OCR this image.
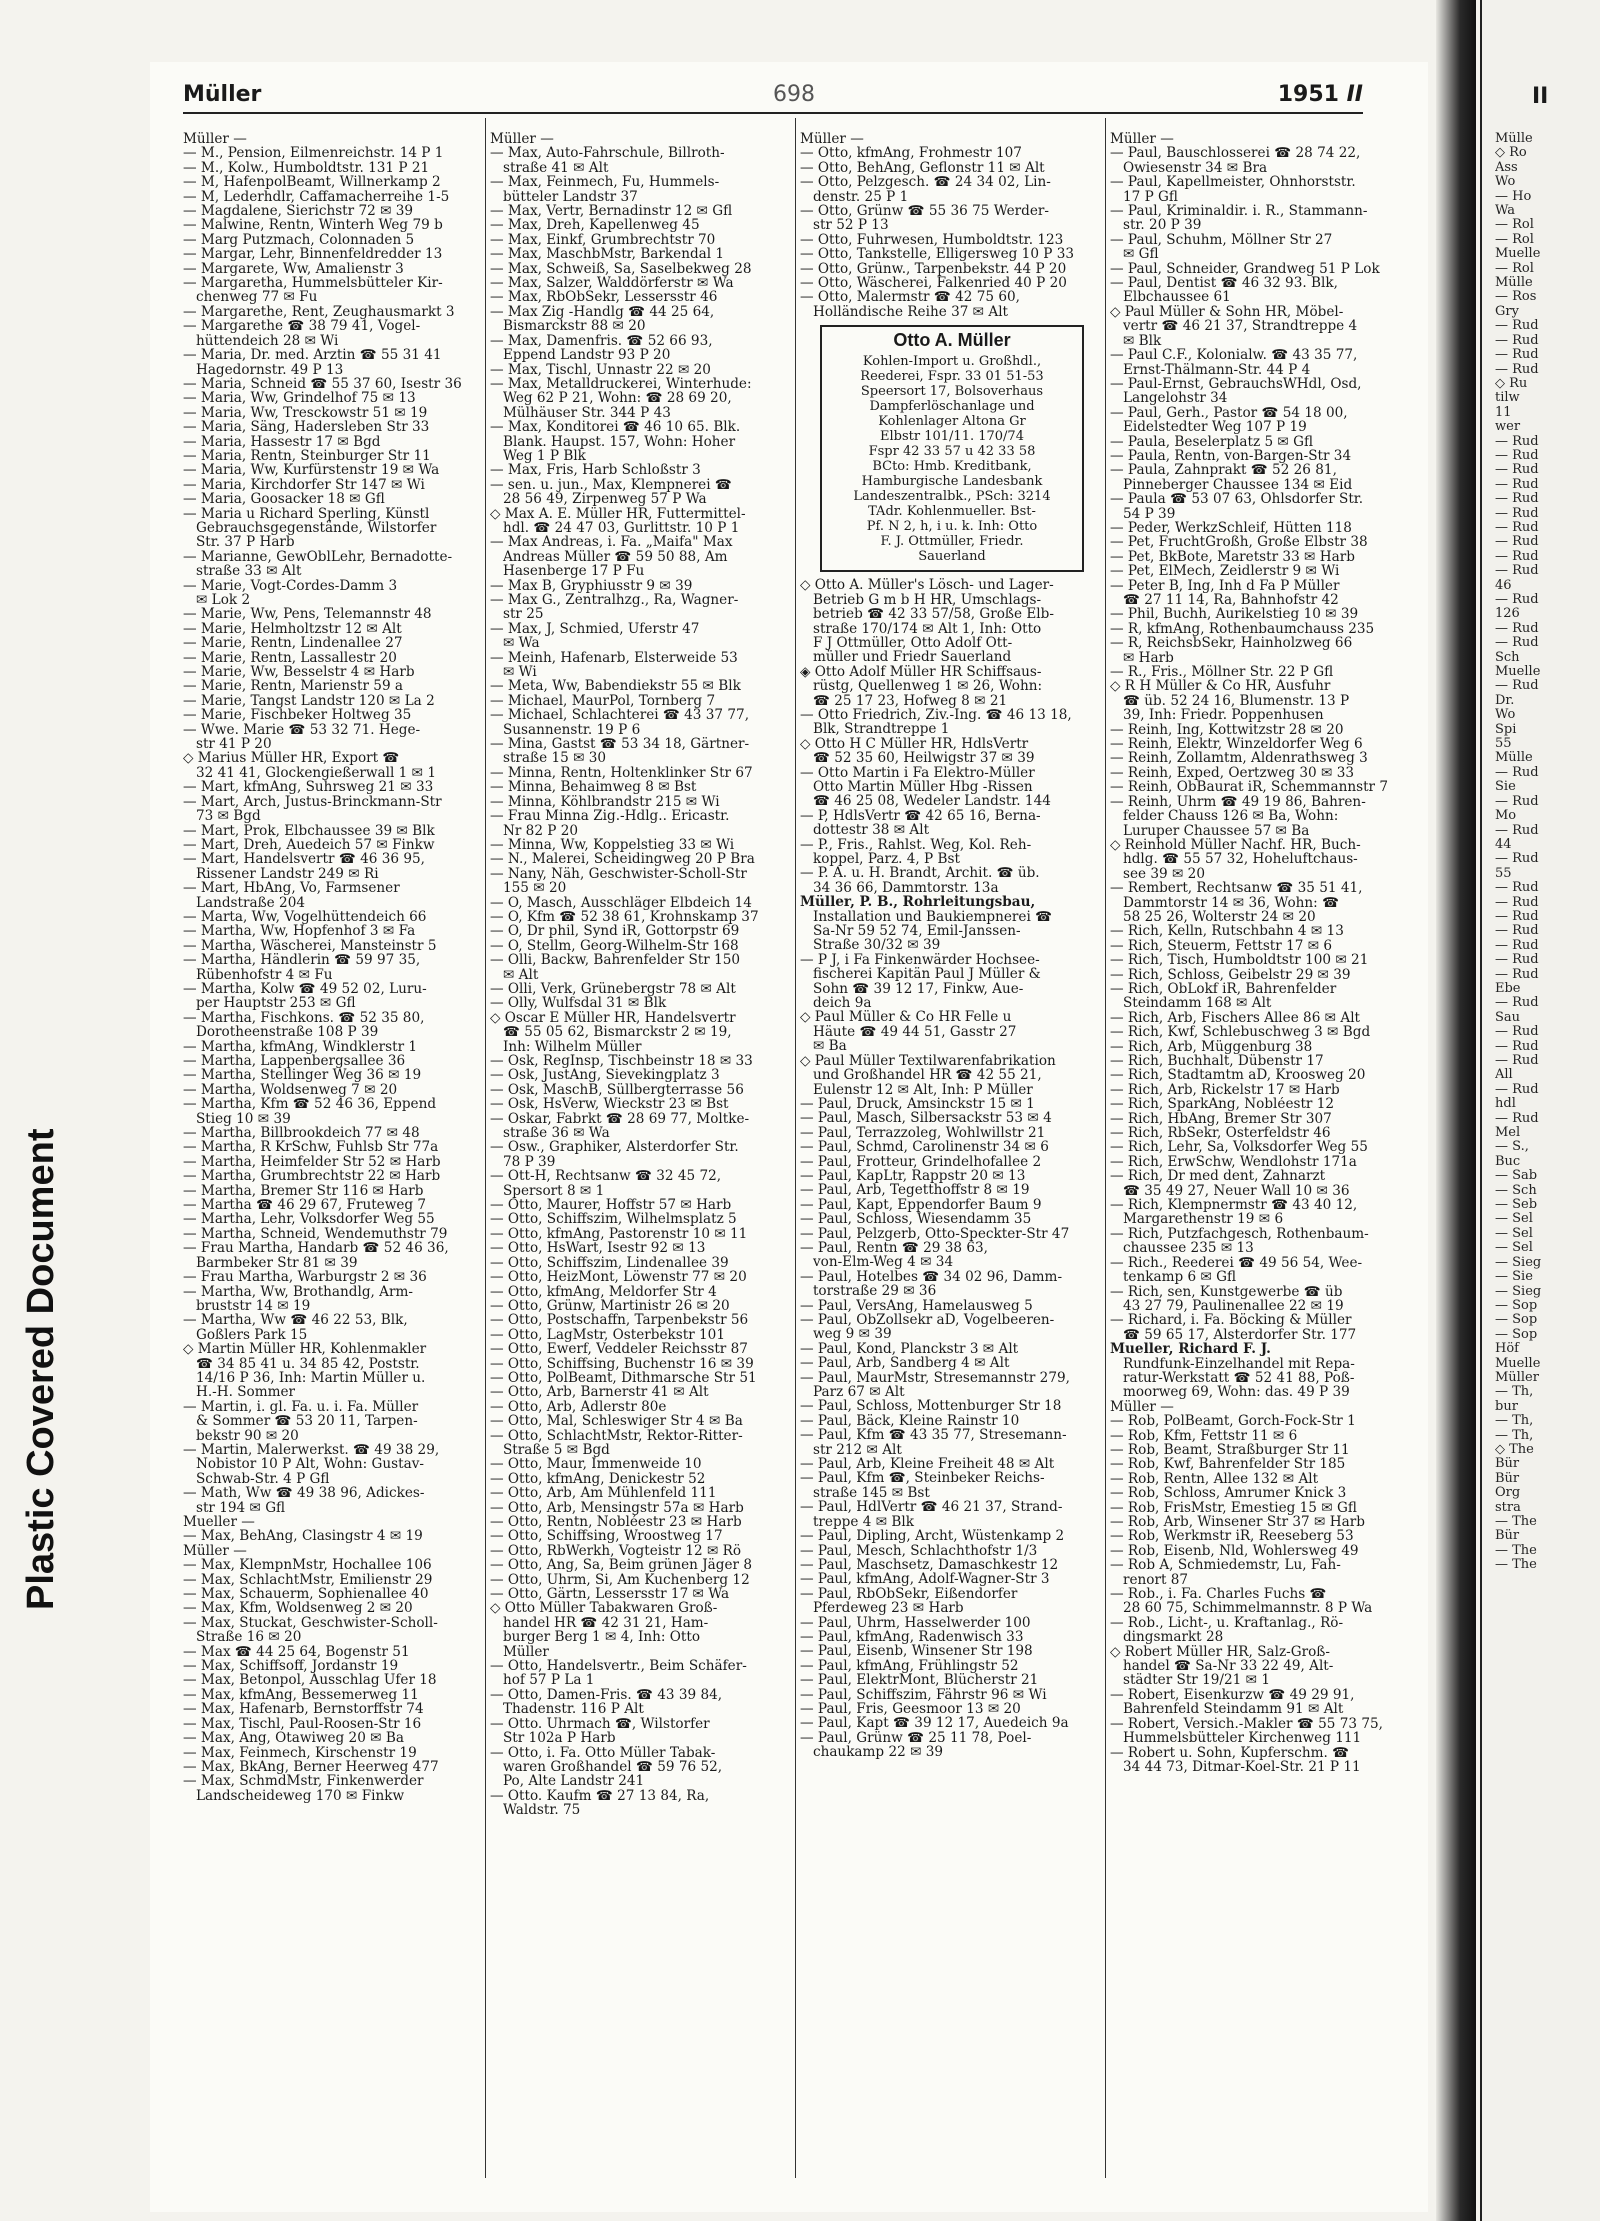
II
Mülle
◇ Ro
Ass
Wo
— Ho
Wa
— Rol
— Rol
Muelle
— Rol
Mülle
— Ros
Gry
— Rud
— Rud
— Rud
— Rud
◇ Ru
tilw
11
wer
— Rud
— Rud
— Rud
— Rud
— Rud
— Rud
— Rud
— Rud
— Rud
— Rud
46
— Rud
126
— Rud
— Rud
Sch
Muelle
— Rud
Dr.
Wo
Spi
55
Mülle
— Rud
Sie
— Rud
Mo
— Rud
44
— Rud
55
— Rud
— Rud
— Rud
— Rud
— Rud
— Rud
— Rud
Ebe
— Rud
Sau
— Rud
— Rud
— Rud
All
— Rud
hdl
— Rud
Mel
— S.,
Buc
— Sab
— Sch
— Seb
— Sel
— Sel
— Sel
— Sieg
— Sie
— Sieg
— Sop
— Sop
— Sop
Höf
Muelle
Müller
— Th,
bur
— Th,
— Th,
◇ The
Bür
Bür
Org
stra
— The
Bür
— The
— The
Plastic Covered Document
Müller	698	1951 II
Müller —
— M., Pension, Eilmenreichstr. 14 P 1
— M., Kolw., Humboldtstr. 131 P 21
— M, HafenpolBeamt, Willnerkamp 2
— M, Lederhdlr, Caffamacherreihe 1-5
— Magdalene, Sierichstr 72 ✉ 39
— Malwine, Rentn, Winterh Weg 79 b
— Marg Putzmach, Colonnaden 5
— Margar, Lehr, Binnenfeldredder 13
— Margarete, Ww, Amalienstr 3
— Margaretha, Hummelsbütteler Kir-
chenweg 77 ✉ Fu
— Margarethe, Rent, Zeughausmarkt 3
— Margarethe ☎ 38 79 41, Vogel-
hüttendeich 28 ✉ Wi
— Maria, Dr. med. Ärztin ☎ 55 31 41
Hagedornstr. 49 P 13
— Maria, Schneid ☎ 55 37 60, Isestr 36
— Maria, Ww, Grindelhof 75 ✉ 13
— Maria, Ww, Tresckowstr 51 ✉ 19
— Maria, Säng, Hadersleben Str 33
— Maria, Hassestr 17 ✉ Bgd
— Maria, Rentn, Steinburger Str 11
— Maria, Ww, Kurfürstenstr 19 ✉ Wa
— Maria, Kirchdorfer Str 147 ✉ Wi
— Maria, Goosacker 18 ✉ Gfl
— Maria u Richard Sperling, Künstl
Gebrauchsgegenstände, Wilstorfer
Str. 37 P Harb
— Marianne, GewOblLehr, Bernadotte-
straße 33 ✉ Alt
— Marie, Vogt-Cordes-Damm 3
✉ Lok 2
— Marie, Ww, Pens, Telemannstr 48
— Marie, Helmholtzstr 12 ✉ Alt
— Marie, Rentn, Lindenallee 27
— Marie, Rentn, Lassallestr 20
— Marie, Ww, Besselstr 4 ✉ Harb
— Marie, Rentn, Marienstr 59 a
— Marie, Tangst Landstr 120 ✉ La 2
— Marie, Fischbeker Holtweg 35
— Wwe. Marie ☎ 53 32 71. Hege-
str 41 P 20
◇ Marius Müller HR, Export ☎
32 41 41, Glockengießerwall 1 ✉ 1
— Mart, kfmAng, Suhrsweg 21 ✉ 33
— Mart, Arch, Justus-Brinckmann-Str
73 ✉ Bgd
— Mart, Prok, Elbchaussee 39 ✉ Blk
— Mart, Dreh, Auedeich 57 ✉ Finkw
— Mart, Handelsvertr ☎ 46 36 95,
Rissener Landstr 249 ✉ Ri
— Mart, HbAng, Vo, Farmsener
Landstraße 204
— Marta, Ww, Vogelhüttendeich 66
— Martha, Ww, Hopfenhof 3 ✉ Fa
— Martha, Wäscherei, Mansteinstr 5
— Martha, Händlerin ☎ 59 97 35,
Rübenhofstr 4 ✉ Fu
— Martha, Kolw ☎ 49 52 02, Luru-
per Hauptstr 253 ✉ Gfl
— Martha, Fischkons. ☎ 52 35 80,
Dorotheenstraße 108 P 39
— Martha, kfmAng, Windklerstr 1
— Martha, Lappenbergsallee 36
— Martha, Stellinger Weg 36 ✉ 19
— Martha, Woldsenweg 7 ✉ 20
— Martha, Kfm ☎ 52 46 36, Eppend
Stieg 10 ✉ 39
— Martha, Billbrookdeich 77 ✉ 48
— Martha, R KrSchw, Fuhlsb Str 77a
— Martha, Heimfelder Str 52 ✉ Harb
— Martha, Grumbrechtstr 22 ✉ Harb
— Martha, Bremer Str 116 ✉ Harb
— Martha ☎ 46 29 67, Fruteweg 7
— Martha, Lehr, Volksdorfer Weg 55
— Martha, Schneid, Wendemuthstr 79
— Frau Martha, Handarb ☎ 52 46 36,
Barmbeker Str 81 ✉ 39
— Frau Martha, Warburgstr 2 ✉ 36
— Martha, Ww, Brothandlg, Arm-
bruststr 14 ✉ 19
— Martha, Ww ☎ 46 22 53, Blk,
Goßlers Park 15
◇ Martin Müller HR, Kohlenmakler
☎ 34 85 41 u. 34 85 42, Poststr.
14/16 P 36, Inh: Martin Müller u.
H.-H. Sommer
— Martin, i. gl. Fa. u. i. Fa. Müller
& Sommer ☎ 53 20 11, Tarpen-
bekstr 90 ✉ 20
— Martin, Malerwerkst. ☎ 49 38 29,
Nobistor 10 P Alt, Wohn: Gustav-
Schwab-Str. 4 P Gfl
— Math, Ww ☎ 49 38 96, Adickes-
str 194 ✉ Gfl
Mueller —
— Max, BehAng, Clasingstr 4 ✉ 19
Müller —
— Max, KlempnMstr, Hochallee 106
— Max, SchlachtMstr, Emilienstr 29
— Max, Schauerm, Sophienallee 40
— Max, Kfm, Woldsenweg 2 ✉ 20
— Max, Stuckat, Geschwister-Scholl-
Straße 16 ✉ 20
— Max ☎ 44 25 64, Bogenstr 51
— Max, Schiffsoff, Jordanstr 19
— Max, Betonpol, Ausschlag Ufer 18
— Max, kfmAng, Bessemerweg 11
— Max, Hafenarb, Bernstorffstr 74
— Max, Tischl, Paul-Roosen-Str 16
— Max, Ang, Otawiweg 20 ✉ Ba
— Max, Feinmech, Kirschenstr 19
— Max, BkAng, Berner Heerweg 477
— Max, SchmdMstr, Finkenwerder
Landscheideweg 170 ✉ Finkw
Müller —
— Max, Auto-Fahrschule, Billroth-
straße 41 ✉ Alt
— Max, Feinmech, Fu, Hummels-
bütteler Landstr 37
— Max, Vertr, Bernadinstr 12 ✉ Gfl
— Max, Dreh, Kapellenweg 45
— Max, Einkf, Grumbrechtstr 70
— Max, MaschbMstr, Barkendal 1
— Max, Schweiß, Sa, Saselbekweg 28
— Max, Salzer, Walddörferstr ✉ Wa
— Max, RbObSekr, Lessersstr 46
— Max Zig -Handlg ☎ 44 25 64,
Bismarckstr 88 ✉ 20
— Max, Damenfris. ☎ 52 66 93,
Eppend Landstr 93 P 20
— Max, Tischl, Unnastr 22 ✉ 20
— Max, Metalldruckerei, Winterhude:
Weg 62 P 21, Wohn: ☎ 28 69 20,
Mülhäuser Str. 344 P 43
— Max, Konditorei ☎ 46 10 65. Blk.
Blank. Haupst. 157, Wohn: Hoher
Weg 1 P Blk
— Max, Fris, Harb Schloßstr 3
— sen. u. jun., Max, Klempnerei ☎
28 56 49, Zirpenweg 57 P Wa
◇ Max A. E. Müller HR, Futtermittel-
hdl. ☎ 24 47 03, Gurlittstr. 10 P 1
— Max Andreas, i. Fa. „Maifa" Max
Andreas Müller ☎ 59 50 88, Am
Hasenberge 17 P Fu
— Max B, Gryphiusstr 9 ✉ 39
— Max G., Zentralhzg., Ra, Wagner-
str 25
— Max, J, Schmied, Uferstr 47
✉ Wa
— Meinh, Hafenarb, Elsterweide 53
✉ Wi
— Meta, Ww, Babendiekstr 55 ✉ Blk
— Michael, MaurPol, Tornberg 7
— Michael, Schlachterei ☎ 43 37 77,
Susannenstr. 19 P 6
— Mina, Gastst ☎ 53 34 18, Gärtner-
straße 15 ✉ 30
— Minna, Rentn, Holtenklinker Str 67
— Minna, Behaimweg 8 ✉ Bst
— Minna, Köhlbrandstr 215 ✉ Wi
— Frau Minna Zig.-Hdlg.. Ericastr.
Nr 82 P 20
— Minna, Ww, Koppelstieg 33 ✉ Wi
— N., Malerei, Scheidingweg 20 P Bra
— Nany, Näh, Geschwister-Scholl-Str
155 ✉ 20
— O, Masch, Ausschläger Elbdeich 14
— O, Kfm ☎ 52 38 61, Krohnskamp 37
— O, Dr phil, Synd iR, Gottorpstr 69
— O, Stellm, Georg-Wilhelm-Str 168
— Olli, Backw, Bahrenfelder Str 150
✉ Alt
— Olli, Verk, Grünebergstr 78 ✉ Alt
— Olly, Wulfsdal 31 ✉ Blk
◇ Oscar E Müller HR, Handelsvertr
☎ 55 05 62, Bismarckstr 2 ✉ 19,
Inh: Wilhelm Müller
— Osk, RegInsp, Tischbeinstr 18 ✉ 33
— Osk, JustAng, Sievekingplatz 3
— Osk, MaschB, Süllbergterrasse 56
— Osk, HsVerw, Wieckstr 23 ✉ Bst
— Oskar, Fabrkt ☎ 28 69 77, Moltke-
straße 36 ✉ Wa
— Osw., Graphiker, Alsterdorfer Str.
78 P 39
— Ott-H, Rechtsanw ☎ 32 45 72,
Spersort 8 ✉ 1
— Otto, Maurer, Hoffstr 57 ✉ Harb
— Otto, Schiffszim, Wilhelmsplatz 5
— Otto, kfmAng, Pastorenstr 10 ✉ 11
— Otto, HsWart, Isestr 92 ✉ 13
— Otto, Schiffszim, Lindenallee 39
— Otto, HeizMont, Löwenstr 77 ✉ 20
— Otto, kfmAng, Meldorfer Str 4
— Otto, Grünw, Martinistr 26 ✉ 20
— Otto, Postschaffn, Tarpenbekstr 56
— Otto, LagMstr, Osterbekstr 101
— Otto, Ewerf, Veddeler Reichsstr 87
— Otto, Schiffsing, Buchenstr 16 ✉ 39
— Otto, PolBeamt, Dithmarsche Str 51
— Otto, Arb, Barnerstr 41 ✉ Alt
— Otto, Arb, Adlerstr 80e
— Otto, Mal, Schleswiger Str 4 ✉ Ba
— Otto, SchlachtMstr, Rektor-Ritter-
Straße 5 ✉ Bgd
— Otto, Maur, Immenweide 10
— Otto, kfmAng, Denickestr 52
— Otto, Arb, Am Mühlenfeld 111
— Otto, Arb, Mensingstr 57a ✉ Harb
— Otto, Rentn, Nobléestr 23 ✉ Harb
— Otto, Schiffsing, Wroostweg 17
— Otto, RbWerkh, Vogteistr 12 ✉ Rö
— Otto, Ang, Sa, Beim grünen Jäger 8
— Otto, Uhrm, Si, Am Kuchenberg 12
— Otto, Gärtn, Lessersstr 17 ✉ Wa
◇ Otto Müller Tabakwaren Groß-
handel HR ☎ 42 31 21, Ham-
burger Berg 1 ✉ 4, Inh: Otto
Müller
— Otto, Handelsvertr., Beim Schäfer-
hof 57 P La 1
— Otto, Damen-Fris. ☎ 43 39 84,
Thadenstr. 116 P Alt
— Otto. Uhrmach ☎, Wilstorfer
Str 102a P Harb
— Otto, i. Fa. Otto Müller Tabak-
waren Großhandel ☎ 59 76 52,
Po, Alte Landstr 241
— Otto. Kaufm ☎ 27 13 84, Ra,
Waldstr. 75
Müller —
— Otto, kfmAng, Frohmestr 107
— Otto, BehAng, Geflonstr 11 ✉ Alt
— Otto, Pelzgesch. ☎ 24 34 02, Lin-
denstr. 25 P 1
— Otto, Grünw ☎ 55 36 75 Werder-
str 52 P 13
— Otto, Fuhrwesen, Humboldtstr. 123
— Otto, Tankstelle, Elligersweg 10 P 33
— Otto, Grünw., Tarpenbekstr. 44 P 20
— Otto, Wäscherei, Falkenried 40 P 20
— Otto, Malermstr ☎ 42 75 60,
Holländische Reihe 37 ✉ Alt
Otto A. Müller
Kohlen-Import u. Großhdl.,
Reederei, Fspr. 33 01 51-53
Speersort 17, Bolsoverhaus
Dampferlöschanlage und
Kohlenlager Altona Gr
Elbstr 101/11. 170/74
Fspr 42 33 57 u 42 33 58
BCto: Hmb. Kreditbank,
Hamburgische Landesbank
Landeszentralbk., PSch: 3214
TAdr. Kohlenmueller. Bst-
Pf. N 2, h, i u. k. Inh: Otto
F. J. Ottmüller, Friedr.
Sauerland
◇ Otto A. Müller's Lösch- und Lager-
Betrieb G m b H HR, Umschlags-
betrieb ☎ 42 33 57/58, Große Elb-
straße 170/174 ✉ Alt 1, Inh: Otto
F J Ottmüller, Otto Adolf Ott-
müller und Friedr Sauerland
◈ Otto Adolf Müller HR Schiffsaus-
rüstg, Quellenweg 1 ✉ 26, Wohn:
☎ 25 17 23, Hofweg 8 ✉ 21
— Otto Friedrich, Ziv.-Ing. ☎ 46 13 18,
Blk, Strandtreppe 1
◇ Otto H C Müller HR, HdlsVertr
☎ 52 35 60, Heilwigstr 37 ✉ 39
— Otto Martin i Fa Elektro-Müller
Otto Martin Müller Hbg -Rissen
☎ 46 25 08, Wedeler Landstr. 144
— P, HdlsVertr ☎ 42 65 16, Berna-
dottestr 38 ✉ Alt
— P., Fris., Rahlst. Weg, Kol. Reh-
koppel, Parz. 4, P Bst
— P. A. u. H. Brandt, Archit. ☎ üb.
34 36 66, Dammtorstr. 13a
Müller, P. B., Rohrleitungsbau,
Installation und Baukiempnerei ☎
Sa-Nr 59 52 74, Emil-Janssen-
Straße 30/32 ✉ 39
— P J, i Fa Finkenwärder Hochsee-
fischerei Kapitän Paul J Müller &
Sohn ☎ 39 12 17, Finkw, Aue-
deich 9a
◇ Paul Müller & Co HR Felle u
Häute ☎ 49 44 51, Gasstr 27
✉ Ba
◇ Paul Müller Textilwarenfabrikation
und Großhandel HR ☎ 42 55 21,
Eulenstr 12 ✉ Alt, Inh: P Müller
— Paul, Druck, Amsinckstr 15 ✉ 1
— Paul, Masch, Silbersackstr 53 ✉ 4
— Paul, Terrazzoleg, Wohlwillstr 21
— Paul, Schmd, Carolinenstr 34 ✉ 6
— Paul, Frotteur, Grindelhofallee 2
— Paul, KapLtr, Rappstr 20 ✉ 13
— Paul, Arb, Tegetthoffstr 8 ✉ 19
— Paul, Kapt, Eppendorfer Baum 9
— Paul, Schloss, Wiesendamm 35
— Paul, Pelzgerb, Otto-Speckter-Str 47
— Paul, Rentn ☎ 29 38 63,
von-Elm-Weg 4 ✉ 34
— Paul, Hotelbes ☎ 34 02 96, Damm-
torstraße 29 ✉ 36
— Paul, VersAng, Hamelausweg 5
— Paul, ObZollsekr aD, Vogelbeeren-
weg 9 ✉ 39
— Paul, Kond, Planckstr 3 ✉ Alt
— Paul, Arb, Sandberg 4 ✉ Alt
— Paul, MaurMstr, Stresemannstr 279,
Parz 67 ✉ Alt
— Paul, Schloss, Mottenburger Str 18
— Paul, Bäck, Kleine Rainstr 10
— Paul, Kfm ☎ 43 35 77, Stresemann-
str 212 ✉ Alt
— Paul, Arb, Kleine Freiheit 48 ✉ Alt
— Paul, Kfm ☎, Steinbeker Reichs-
straße 145 ✉ Bst
— Paul, HdlVertr ☎ 46 21 37, Strand-
treppe 4 ✉ Blk
— Paul, Dipling, Archt, Wüstenkamp 2
— Paul, Mesch, Schlachthofstr 1/3
— Paul, Maschsetz, Damaschkestr 12
— Paul, kfmAng, Adolf-Wagner-Str 3
— Paul, RbObSekr, Eißendorfer
Pferdeweg 23 ✉ Harb
— Paul, Uhrm, Hasselwerder 100
— Paul, kfmAng, Radenwisch 33
— Paul, Eisenb, Winsener Str 198
— Paul, kfmAng, Frühlingstr 52
— Paul, ElektrMont, Blücherstr 21
— Paul, Schiffszim, Fährstr 96 ✉ Wi
— Paul, Fris, Geesmoor 13 ✉ 20
— Paul, Kapt ☎ 39 12 17, Auedeich 9a
— Paul, Grünw ☎ 25 11 78, Poel-
chaukamp 22 ✉ 39
Müller —
— Paul, Bauschlosserei ☎ 28 74 22,
Owiesenstr 34 ✉ Bra
— Paul, Kapellmeister, Ohnhorststr.
17 P Gfl
— Paul, Kriminaldir. i. R., Stammann-
str. 20 P 39
— Paul, Schuhm, Möllner Str 27
✉ Gfl
— Paul, Schneider, Grandweg 51 P Lok
— Paul, Dentist ☎ 46 32 93. Blk,
Elbchaussee 61
◇ Paul Müller & Sohn HR, Möbel-
vertr ☎ 46 21 37, Strandtreppe 4
✉ Blk
— Paul C.F., Kolonialw. ☎ 43 35 77,
Ernst-Thälmann-Str. 44 P 4
— Paul-Ernst, GebrauchsWHdl, Osd,
Langelohstr 34
— Paul, Gerh., Pastor ☎ 54 18 00,
Eidelstedter Weg 107 P 19
— Paula, Beselerplatz 5 ✉ Gfl
— Paula, Rentn, von-Bargen-Str 34
— Paula, Zahnprakt ☎ 52 26 81,
Pinneberger Chaussee 134 ✉ Eid
— Paula ☎ 53 07 63, Ohlsdorfer Str.
54 P 39
— Peder, WerkzSchleif, Hütten 118
— Pet, FruchtGroßh, Große Elbstr 38
— Pet, BkBote, Maretstr 33 ✉ Harb
— Pet, ElMech, Zeidlerstr 9 ✉ Wi
— Peter B, Ing, Inh d Fa P Müller
☎ 27 11 14, Ra, Bahnhofstr 42
— Phil, Buchh, Aurikelstieg 10 ✉ 39
— R, kfmAng, Rothenbaumchauss 235
— R, ReichsbSekr, Hainholzweg 66
✉ Harb
— R., Fris., Möllner Str. 22 P Gfl
◇ R H Müller & Co HR, Ausfuhr
☎ üb. 52 24 16, Blumenstr. 13 P
39, Inh: Friedr. Poppenhusen
— Reinh, Ing, Kottwitzstr 28 ✉ 20
— Reinh, Elektr, Winzeldorfer Weg 6
— Reinh, Zollamtm, Aldenrathsweg 3
— Reinh, Exped, Oertzweg 30 ✉ 33
— Reinh, ObBaurat iR, Schemmannstr 7
— Reinh, Uhrm ☎ 49 19 86, Bahren-
felder Chauss 126 ✉ Ba, Wohn:
Luruper Chaussee 57 ✉ Ba
◇ Reinhold Müller Nachf. HR, Buch-
hdlg. ☎ 55 57 32, Hoheluftchaus-
see 39 ✉ 20
— Rembert, Rechtsanw ☎ 35 51 41,
Dammtorstr 14 ✉ 36, Wohn: ☎
58 25 26, Wolterstr 24 ✉ 20
— Rich, Kelln, Rutschbahn 4 ✉ 13
— Rich, Steuerm, Fettstr 17 ✉ 6
— Rich, Tisch, Humboldtstr 100 ✉ 21
— Rich, Schloss, Geibelstr 29 ✉ 39
— Rich, ObLokf iR, Bahrenfelder
Steindamm 168 ✉ Alt
— Rich, Arb, Fischers Allee 86 ✉ Alt
— Rich, Kwf, Schlebuschweg 3 ✉ Bgd
— Rich, Arb, Müggenburg 38
— Rich, Buchhalt, Dübenstr 17
— Rich, Stadtamtm aD, Kroosweg 20
— Rich, Arb, Rickelstr 17 ✉ Harb
— Rich, SparkAng, Nobléestr 12
— Rich, HbAng, Bremer Str 307
— Rich, RbSekr, Osterfeldstr 46
— Rich, Lehr, Sa, Volksdorfer Weg 55
— Rich, ErwSchw, Wendlohstr 171a
— Rich, Dr med dent, Zahnarzt
☎ 35 49 27, Neuer Wall 10 ✉ 36
— Rich, Klempnermstr ☎ 43 40 12,
Margarethenstr 19 ✉ 6
— Rich, Putzfachgesch, Rothenbaum-
chaussee 235 ✉ 13
— Rich., Reederei ☎ 49 56 54, Wee-
tenkamp 6 ✉ Gfl
— Rich, sen, Kunstgewerbe ☎ üb
43 27 79, Paulinenallee 22 ✉ 19
— Richard, i. Fa. Böcking & Müller
☎ 59 65 17, Alsterdorfer Str. 177
Mueller, Richard F. J.
Rundfunk-Einzelhandel mit Repa-
ratur-Werkstatt ☎ 52 41 88, Poß-
moorweg 69, Wohn: das. 49 P 39
Müller —
— Rob, PolBeamt, Gorch-Fock-Str 1
— Rob, Kfm, Fettstr 11 ✉ 6
— Rob, Beamt, Straßburger Str 11
— Rob, Kwf, Bahrenfelder Str 185
— Rob, Rentn, Allee 132 ✉ Alt
— Rob, Schloss, Amrumer Knick 3
— Rob, FrisMstr, Emestieg 15 ✉ Gfl
— Rob, Arb, Winsener Str 37 ✉ Harb
— Rob, Werkmstr iR, Reeseberg 53
— Rob, Eisenb, Nld, Wohlersweg 49
— Rob A, Schmiedemstr, Lu, Fah-
renort 87
— Rob., i. Fa. Charles Fuchs ☎
28 60 75, Schimmelmannstr. 8 P Wa
— Rob., Licht-, u. Kraftanlag., Rö-
dingsmarkt 28
◇ Robert Müller HR, Salz-Groß-
handel ☎ Sa-Nr 33 22 49, Alt-
städter Str 19/21 ✉ 1
— Robert, Eisenkurzw ☎ 49 29 91,
Bahrenfeld Steindamm 91 ✉ Alt
— Robert, Versich.-Makler ☎ 55 73 75,
Hummelsbütteler Kirchenweg 111
— Robert u. Sohn, Kupferschm. ☎
34 44 73, Ditmar-Koel-Str. 21 P 11
